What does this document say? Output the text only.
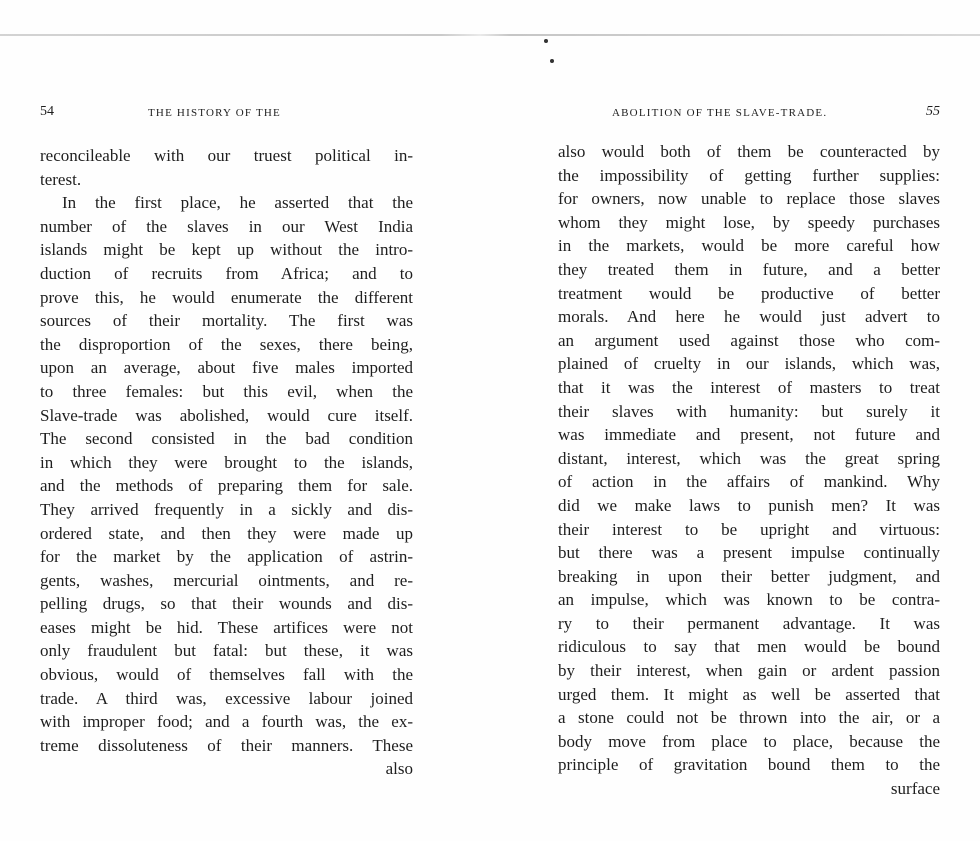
54	THE HISTORY OF THE
reconcileable with our truest political in-
terest.
In the first place, he asserted that the
number of the slaves in our West India
islands might be kept up without the intro-
duction of recruits from Africa; and to
prove this, he would enumerate the different
sources of their mortality. The first was
the disproportion of the sexes, there being,
upon an average, about five males imported
to three females: but this evil, when the
Slave-trade was abolished, would cure itself.
The second consisted in the bad condition
in which they were brought to the islands,
and the methods of preparing them for sale.
They arrived frequently in a sickly and dis-
ordered state, and then they were made up
for the market by the application of astrin-
gents, washes, mercurial ointments, and re-
pelling drugs, so that their wounds and dis-
eases might be hid. These artifices were not
only fraudulent but fatal: but these, it was
obvious, would of themselves fall with the
trade. A third was, excessive labour joined
with improper food; and a fourth was, the ex-
treme dissoluteness of their manners. These
also
ABOLITION OF THE SLAVE-TRADE.	55
also would both of them be counteracted by
the impossibility of getting further supplies:
for owners, now unable to replace those slaves
whom they might lose, by speedy purchases
in the markets, would be more careful how
they treated them in future, and a better
treatment would be productive of better
morals. And here he would just advert to
an argument used against those who com-
plained of cruelty in our islands, which was,
that it was the interest of masters to treat
their slaves with humanity: but surely it
was immediate and present, not future and
distant, interest, which was the great spring
of action in the affairs of mankind. Why
did we make laws to punish men? It was
their interest to be upright and virtuous:
but there was a present impulse continually
breaking in upon their better judgment, and
an impulse, which was known to be contra-
ry to their permanent advantage. It was
ridiculous to say that men would be bound
by their interest, when gain or ardent passion
urged them. It might as well be asserted that
a stone could not be thrown into the air, or a
body move from place to place, because the
principle of gravitation bound them to the
surface
